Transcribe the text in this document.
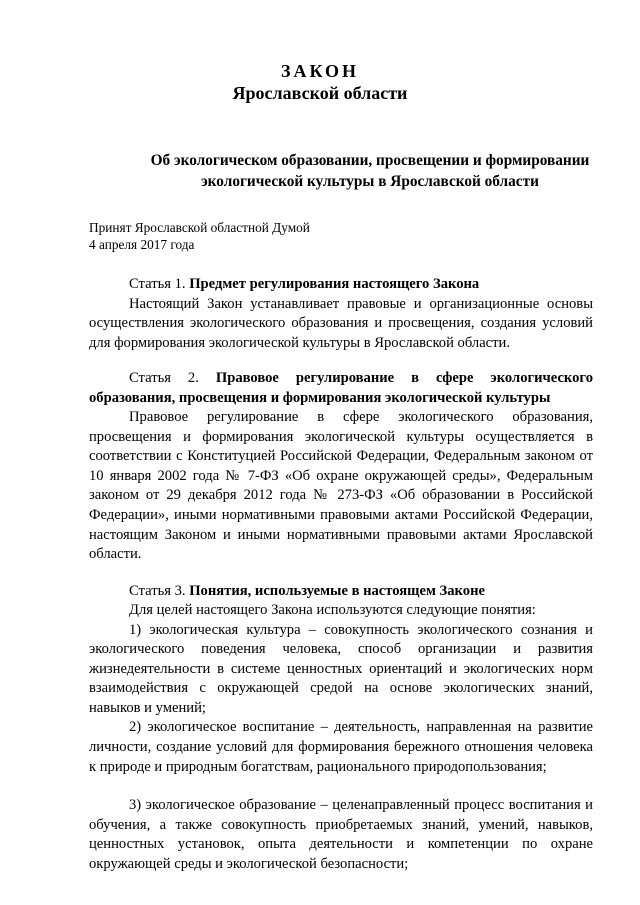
ЗАКОН
Ярославской области
Об экологическом образовании, просвещении и формировании экологической культуры в Ярославской области
Принят Ярославской областной Думой
4 апреля 2017 года

Статья 1. Предмет регулирования настоящего Закона

Настоящий Закон устанавливает правовые и организационные основы осуществления экологического образования и просвещения, создания условий для формирования экологической культуры в Ярославской области.

Статья 2. Правовое регулирование в сфере экологического образования, просвещения и формирования экологической культуры

Правовое регулирование в сфере экологического образования, просвещения и формирования экологической культуры осуществляется в соответствии с Конституцией Российской Федерации, Федеральным законом от 10 января 2002 года № 7-ФЗ «Об охране окружающей среды», Федеральным законом от 29 декабря 2012 года № 273-ФЗ «Об образовании в Российской Федерации», иными нормативными правовыми актами Российской Федерации, настоящим Законом и иными нормативными правовыми актами Ярославской области.

Статья 3. Понятия, используемые в настоящем Законе

Для целей настоящего Закона используются следующие понятия:

1) экологическая культура – совокупность экологического сознания и экологического поведения человека, способ организации и развития жизнедеятельности в системе ценностных ориентаций и экологических норм взаимодействия с окружающей средой на основе экологических знаний, навыков и умений;

2) экологическое воспитание – деятельность, направленная на развитие личности, создание условий для формирования бережного отношения человека к природе и природным богатствам, рационального природопользования;

3) экологическое образование – целенаправленный процесс воспитания и обучения, а также совокупность приобретаемых знаний, умений, навыков, ценностных установок, опыта деятельности и компетенции по охране окружающей среды и экологической безопасности;
